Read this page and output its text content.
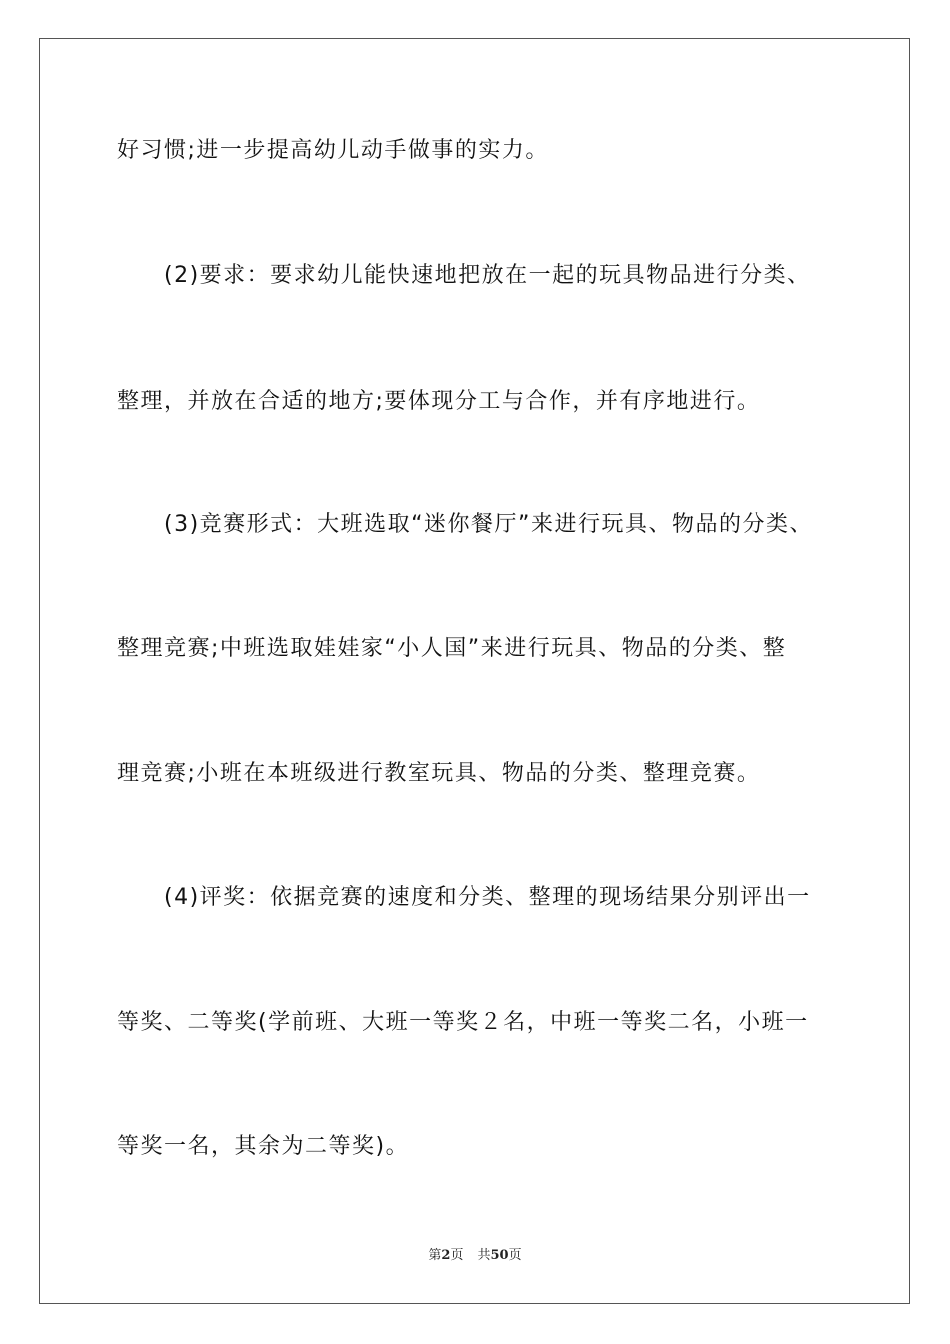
好习惯;进一步提高幼儿动手做事的实力。
(2)要求：要求幼儿能快速地把放在一起的玩具物品进行分类、
整理，并放在合适的地方;要体现分工与合作，并有序地进行。
(3)竞赛形式：大班选取“迷你餐厅”来进行玩具、物品的分类、
整理竞赛;中班选取娃娃家“小人国”来进行玩具、物品的分类、整
理竞赛;小班在本班级进行教室玩具、物品的分类、整理竞赛。
(4)评奖：依据竞赛的速度和分类、整理的现场结果分别评出一
等奖、二等奖(学前班、大班一等奖２名，中班一等奖二名，小班一
等奖一名，其余为二等奖)。
第2页 共50页
